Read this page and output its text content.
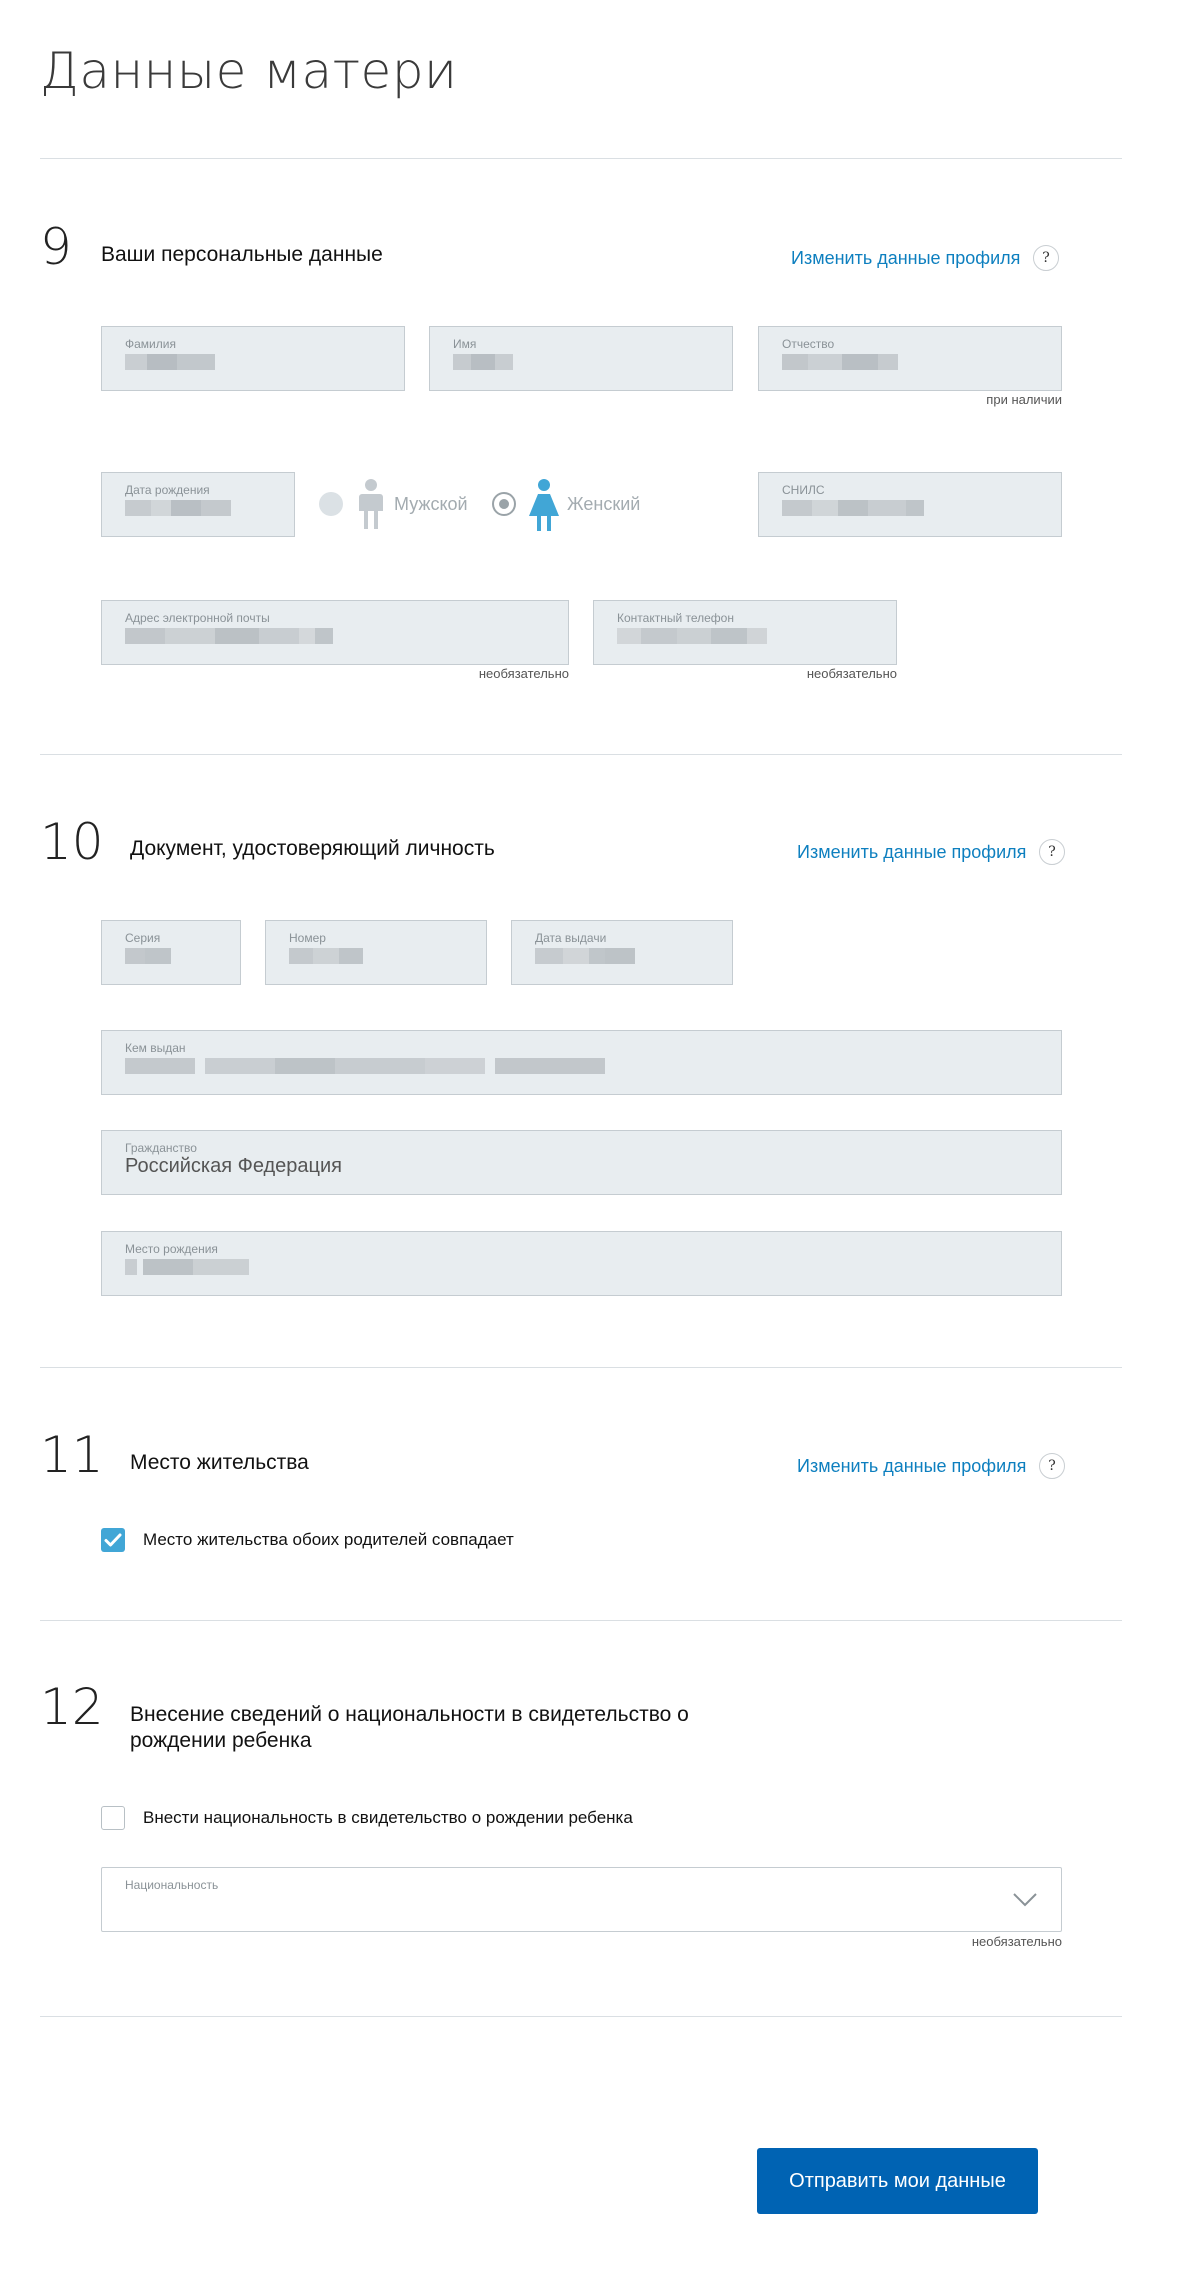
Данные матери
9 Ваши персональные данные	Изменить данные профиля	?
Фамилия	Имя	Отчество
при наличии
Дата рождения
Мужской	Женский
СНИЛС
Адрес электронной почты
необязательно
Контактный телефон
необязательно
10 Документ, удостоверяющий личность	Изменить данные профиля	?
Серия	Номер	Дата выдачи
Кем выдан
Гражданство
Российская Федерация
Место рождения
11 Место жительства	Изменить данные профиля	?
Место жительства обоих родителей совпадает
12 Внесение сведений о национальности в свидетельство о
рождении ребенка
Внести национальность в свидетельство о рождении ребенка
Национальность
необязательно
Отправить мои данные
